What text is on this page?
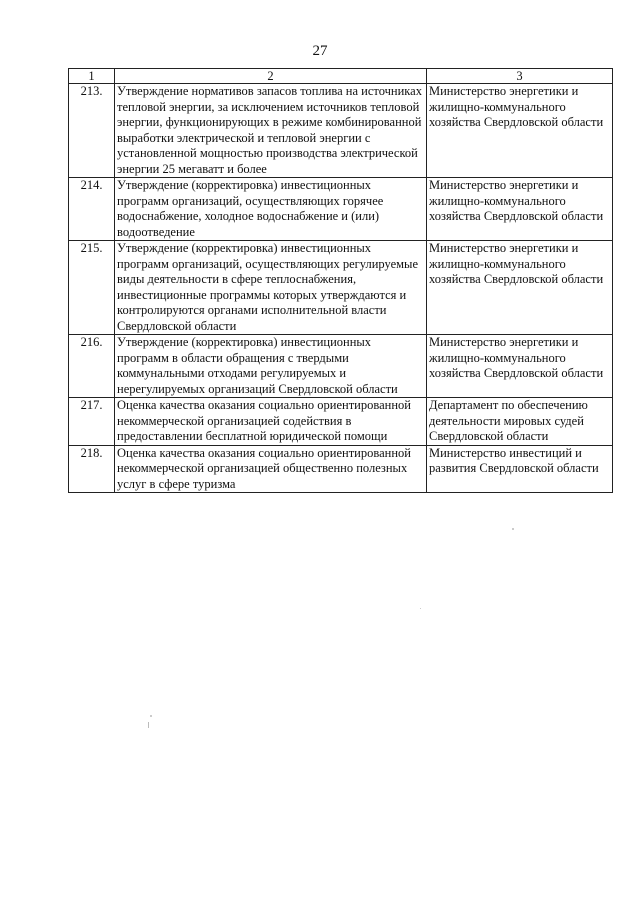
27
1	2	3
213.	Утверждение нормативов запасов топлива на источниках тепловой энергии, за исключением источников тепловой энергии, функционирующих в режиме комбинированной выработки электрической и тепловой энергии с установленной мощностью производства электрической энергии 25 мегаватт и более	Министерство энергетики и жилищно-коммунального хозяйства Свердловской области
214.	Утверждение (корректировка) инвестиционных программ организаций, осуществляющих горячее водоснабжение, холодное водоснабжение и (или) водоотведение	Министерство энергетики и жилищно-коммунального хозяйства Свердловской области
215.	Утверждение (корректировка) инвестиционных программ организаций, осуществляющих регулируемые виды деятельности в сфере теплоснабжения, инвестиционные программы которых утверждаются и контролируются органами исполнительной власти Свердловской области	Министерство энергетики и жилищно-коммунального хозяйства Свердловской области
216.	Утверждение (корректировка) инвестиционных программ в области обращения с твердыми коммунальными отходами регулируемых и нерегулируемых организаций Свердловской области	Министерство энергетики и жилищно-коммунального хозяйства Свердловской области
217.	Оценка качества оказания социально ориентированной некоммерческой организацией содействия в предоставлении бесплатной юридической помощи	Департамент по обеспечению деятельности мировых судей Свердловской области
218.	Оценка качества оказания социально ориентированной некоммерческой организацией общественно полезных услуг в сфере туризма	Министерство инвестиций и развития Свердловской области
